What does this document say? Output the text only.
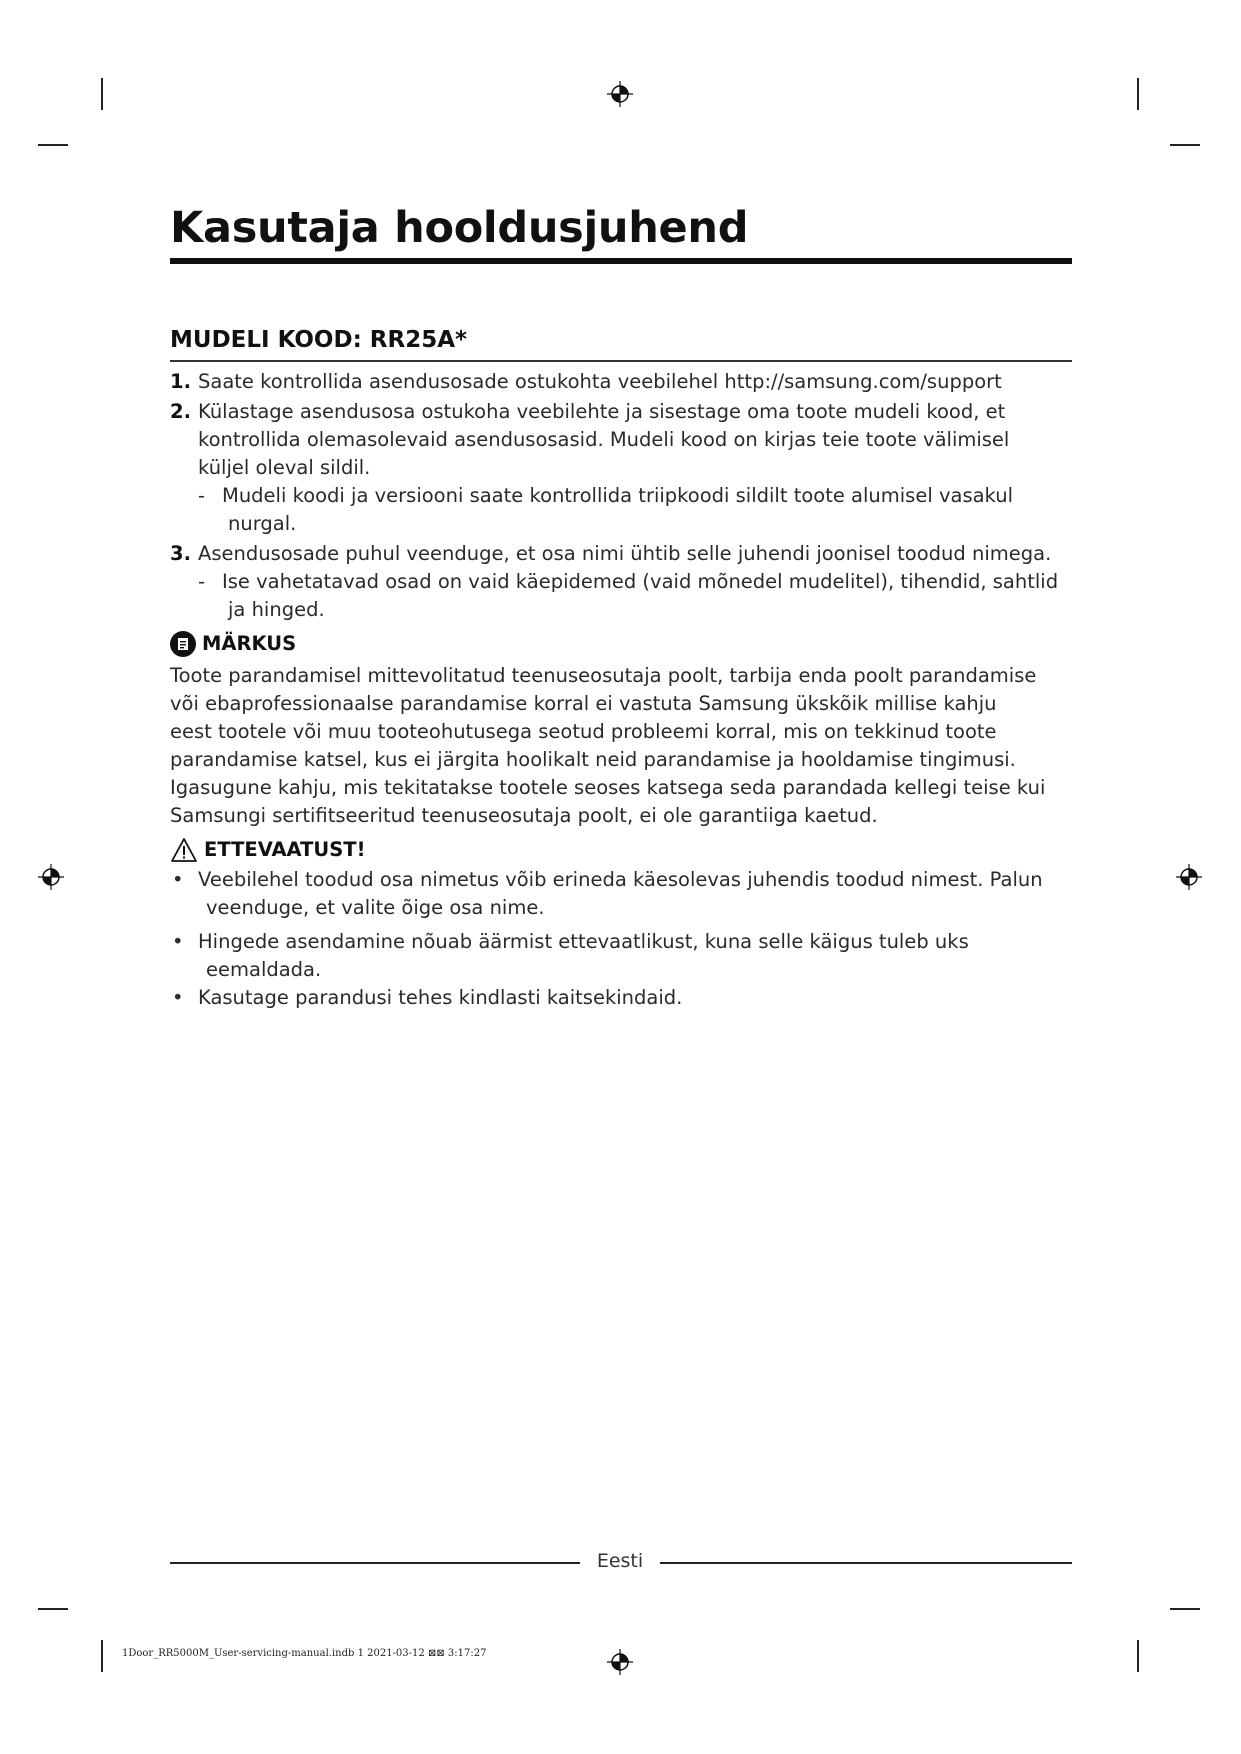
Kasutaja hooldusjuhend
MUDELI KOOD: RR25A*
1. Saate kontrollida asendusosade ostukohta veebilehel http://samsung.com/support
2. Külastage asendusosa ostukoha veebilehte ja sisestage oma toote mudeli kood, et
kontrollida olemasolevaid asendusosasid. Mudeli kood on kirjas teie toote välimisel
küljel oleval sildil.
- Mudeli koodi ja versiooni saate kontrollida triipkoodi sildilt toote alumisel vasakul
nurgal.
3. Asendusosade puhul veenduge, et osa nimi ühtib selle juhendi joonisel toodud nimega.
- Ise vahetatavad osad on vaid käepidemed (vaid mõnedel mudelitel), tihendid, sahtlid
ja hinged.
MÄRKUS
Toote parandamisel mittevolitatud teenuseosutaja poolt, tarbija enda poolt parandamise
või ebaprofessionaalse parandamise korral ei vastuta Samsung ükskõik millise kahju
eest tootele või muu tooteohutusega seotud probleemi korral, mis on tekkinud toote
parandamise katsel, kus ei järgita hoolikalt neid parandamise ja hooldamise tingimusi.
Igasugune kahju, mis tekitatakse tootele seoses katsega seda parandada kellegi teise kui
Samsungi sertifitseeritud teenuseosutaja poolt, ei ole garantiiga kaetud.
ETTEVAATUST!
• Veebilehel toodud osa nimetus võib erineda käesolevas juhendis toodud nimest. Palun
veenduge, et valite õige osa nime.
• Hingede asendamine nõuab äärmist ettevaatlikust, kuna selle käigus tuleb uks
eemaldada.
• Kasutage parandusi tehes kindlasti kaitsekindaid.
Eesti
1Door_RR5000M_User-servicing-manual.indb 1 2021-03-12 ⊠⊠ 3:17:27
